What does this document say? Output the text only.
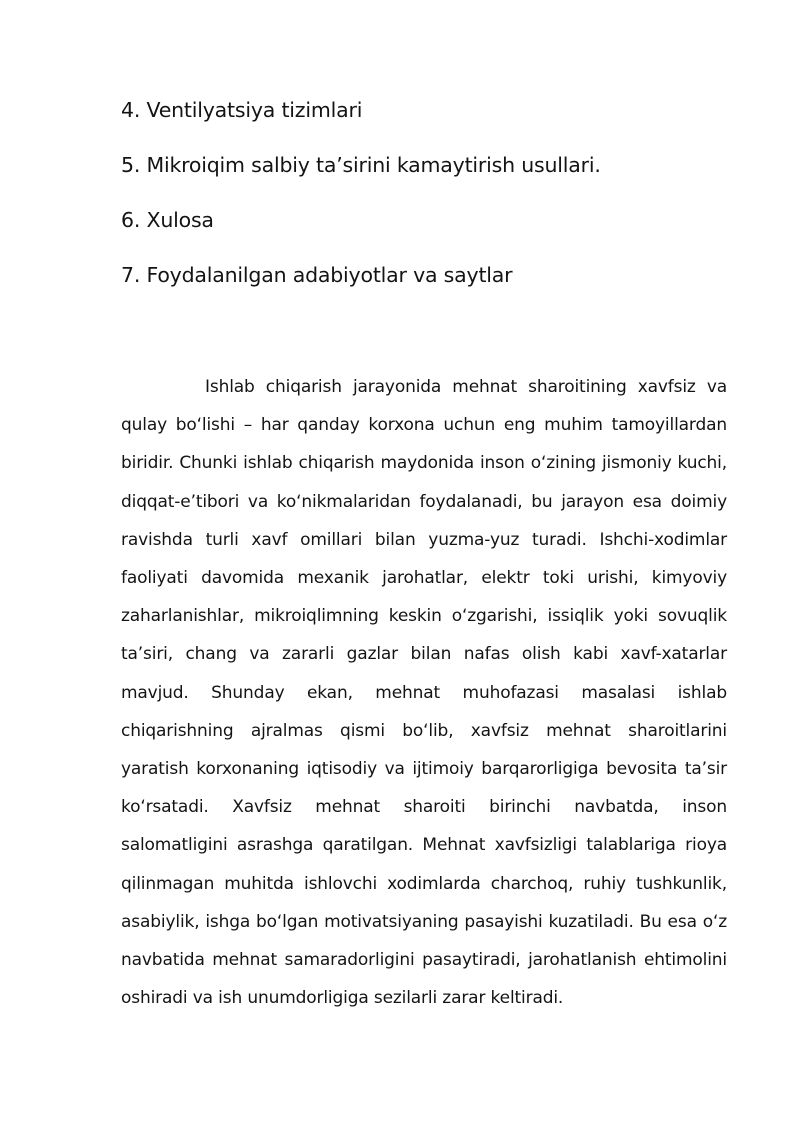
4. Ventilyatsiya tizimlari
5. Mikroiqim salbiy ta’sirini kamaytirish usullari.
6. Xulosa
7. Foydalanilgan adabiyotlar va saytlar

Ishlab chiqarish jarayonida mehnat sharoitining xavfsiz va qulay bo‘lishi – har qanday korxona uchun eng muhim tamoyillardan biridir. Chunki ishlab chiqarish maydonida inson o‘zining jismoniy kuchi, diqqat-e’tibori va ko‘nikmalaridan foydalanadi, bu jarayon esa doimiy ravishda turli xavf omillari bilan yuzma-yuz turadi. Ishchi-xodimlar faoliyati davomida mexanik jarohatlar, elektr toki urishi, kimyoviy zaharlanishlar, mikroiqlimning keskin o‘zgarishi, issiqlik yoki sovuqlik ta’siri, chang va zararli gazlar bilan nafas olish kabi xavf-xatarlar mavjud. Shunday ekan, mehnat muhofazasi masalasi ishlab chiqarishning ajralmas qismi bo‘lib, xavfsiz mehnat sharoitlarini yaratish korxonaning iqtisodiy va ijtimoiy barqarorligiga bevosita ta’sir ko‘rsatadi. Xavfsiz mehnat sharoiti birinchi navbatda, inson salomatligini asrashga qaratilgan. Mehnat xavfsizligi talablariga rioya qilinmagan muhitda ishlovchi xodimlarda charchoq, ruhiy tushkunlik, asabiylik, ishga bo‘lgan motivatsiyaning pasayishi kuzatiladi. Bu esa o‘z navbatida mehnat samaradorligini pasaytiradi, jarohatlanish ehtimolini oshiradi va ish unumdorligiga sezilarli zarar keltiradi.
